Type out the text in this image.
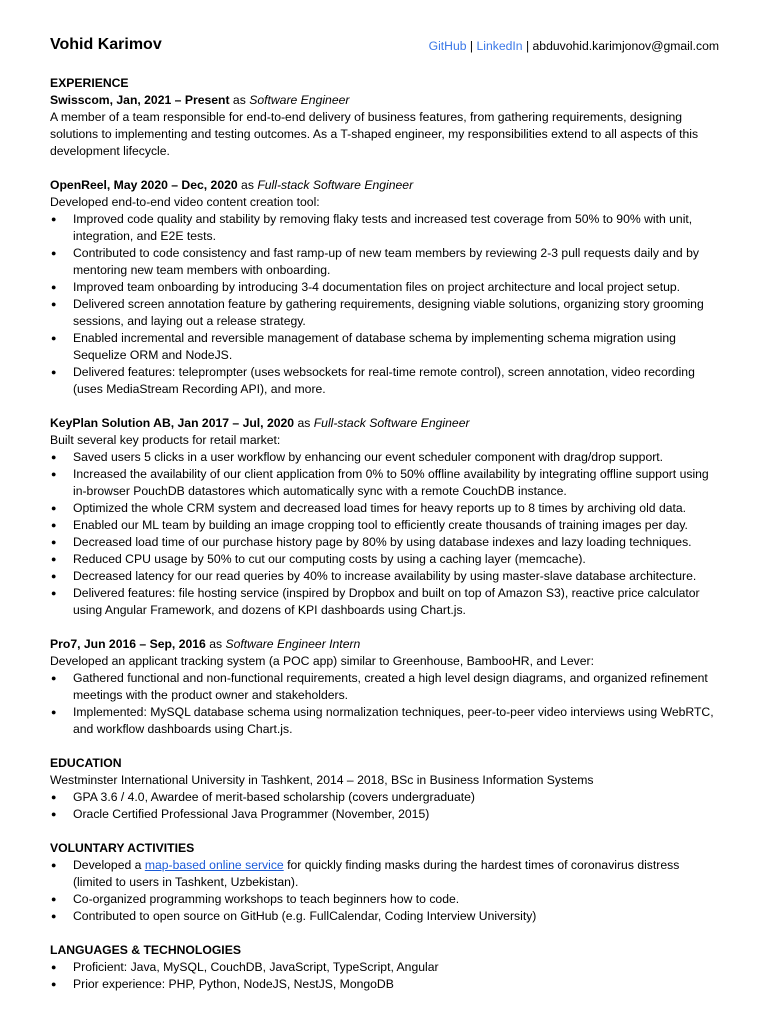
Vohid Karimov	GitHub | LinkedIn | abduvohid.karimjonov@gmail.com
EXPERIENCE
Swisscom, Jan, 2021 – Present as Software Engineer

A member of a team responsible for end-to-end delivery of business features, from gathering requirements, designing solutions to implementing and testing outcomes. As a T-shaped engineer, my responsibilities extend to all aspects of this development lifecycle.

OpenReel, May 2020 – Dec, 2020 as Full-stack Software Engineer

Developed end-to-end video content creation tool:

● Improved code quality and stability by removing flaky tests and increased test coverage from 50% to 90% with unit, integration, and E2E tests.
● Contributed to code consistency and fast ramp-up of new team members by reviewing 2-3 pull requests daily and by mentoring new team members with onboarding.
● Improved team onboarding by introducing 3-4 documentation files on project architecture and local project setup.
● Delivered screen annotation feature by gathering requirements, designing viable solutions, organizing story grooming sessions, and laying out a release strategy.
● Enabled incremental and reversible management of database schema by implementing schema migration using Sequelize ORM and NodeJS.
● Delivered features: teleprompter (uses websockets for real-time remote control), screen annotation, video recording (uses MediaStream Recording API), and more.
KeyPlan Solution AB, Jan 2017 – Jul, 2020 as Full-stack Software Engineer

Built several key products for retail market:

● Saved users 5 clicks in a user workflow by enhancing our event scheduler component with drag/drop support.
● Increased the availability of our client application from 0% to 50% offline availability by integrating offline support using in-browser PouchDB datastores which automatically sync with a remote CouchDB instance.
● Optimized the whole CRM system and decreased load times for heavy reports up to 8 times by archiving old data.
● Enabled our ML team by building an image cropping tool to efficiently create thousands of training images per day.
● Decreased load time of our purchase history page by 80% by using database indexes and lazy loading techniques.
● Reduced CPU usage by 50% to cut our computing costs by using a caching layer (memcache).
● Decreased latency for our read queries by 40% to increase availability by using master-slave database architecture.
● Delivered features: file hosting service (inspired by Dropbox and built on top of Amazon S3), reactive price calculator using Angular Framework, and dozens of KPI dashboards using Chart.js.
Pro7, Jun 2016 – Sep, 2016 as Software Engineer Intern

Developed an applicant tracking system (a POC app) similar to Greenhouse, BambooHR, and Lever:

● Gathered functional and non-functional requirements, created a high level design diagrams, and organized refinement meetings with the product owner and stakeholders.
● Implemented: MySQL database schema using normalization techniques, peer-to-peer video interviews using WebRTC, and workflow dashboards using Chart.js.
EDUCATION

Westminster International University in Tashkent, 2014 – 2018, BSc in Business Information Systems

● GPA 3.6 / 4.0, Awardee of merit-based scholarship (covers undergraduate)
● Oracle Certified Professional Java Programmer (November, 2015)
VOLUNTARY ACTIVITIES
● Developed a map-based online service for quickly finding masks during the hardest times of coronavirus distress (limited to users in Tashkent, Uzbekistan).
● Co-organized programming workshops to teach beginners how to code.
● Contributed to open source on GitHub (e.g. FullCalendar, Coding Interview University)
LANGUAGES & TECHNOLOGIES
● Proficient: Java, MySQL, CouchDB, JavaScript, TypeScript, Angular
● Prior experience: PHP, Python, NodeJS, NestJS, MongoDB
